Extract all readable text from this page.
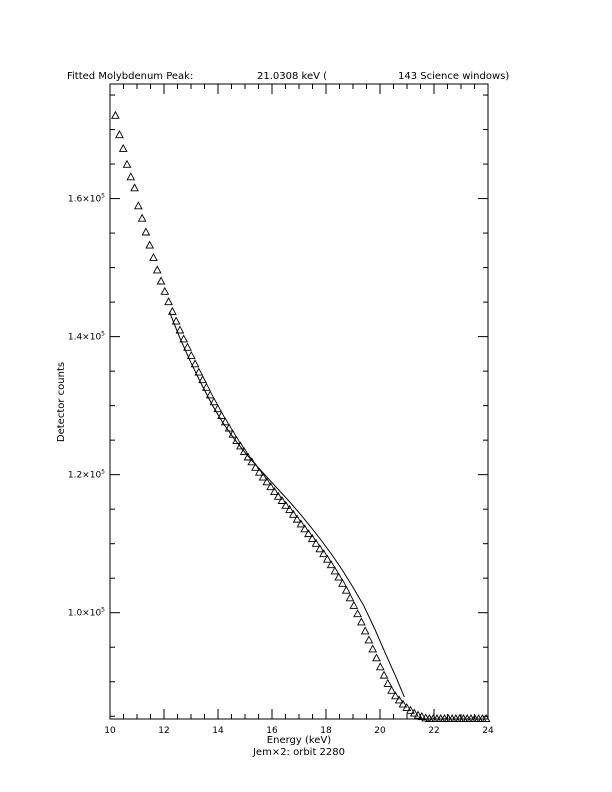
Fitted Molybdenum Peak:	21.0308 keV (	143 Science windows)
10	12	14	16	18	20	22	24
$1.0\times 10^5$
$1.2\times 10^5$
$1.4\times 10^5$
$1.6\times 10^5$
Energy (keV)
Jem×2: orbit 2280
Detector counts
